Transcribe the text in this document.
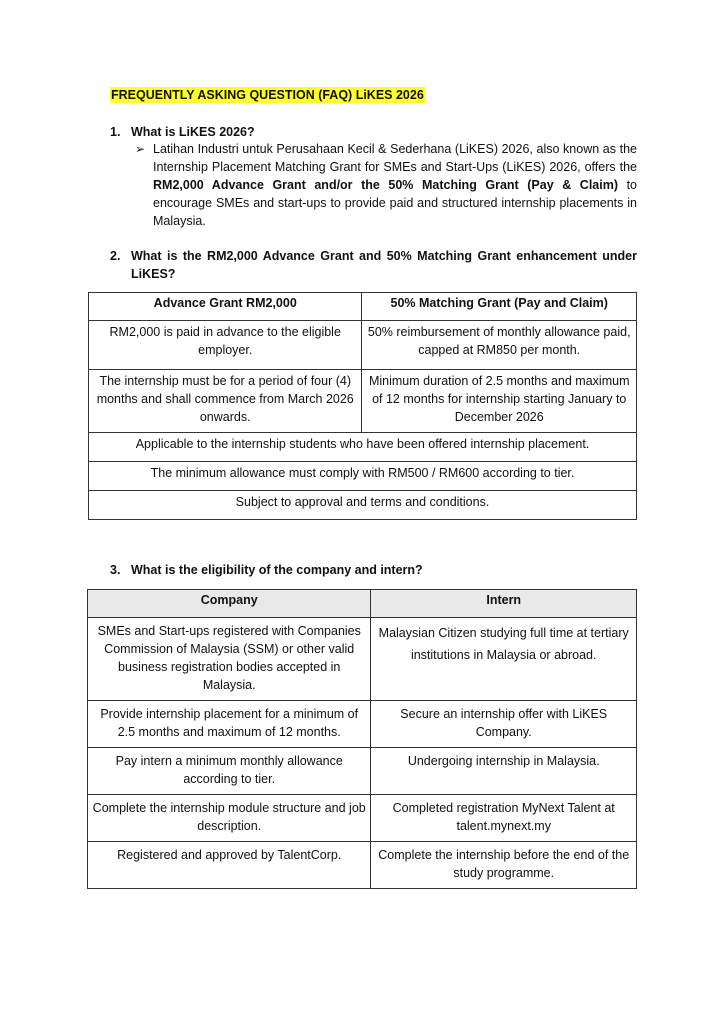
FREQUENTLY ASKING QUESTION (FAQ) LiKES 2026
1. What is LiKES 2026?
➢ Latihan Industri untuk Perusahaan Kecil & Sederhana (LiKES) 2026, also known as the Internship Placement Matching Grant for SMEs and Start-Ups (LiKES) 2026, offers the RM2,000 Advance Grant and/or the 50% Matching Grant (Pay & Claim) to encourage SMEs and start-ups to provide paid and structured internship placements in Malaysia.
2. What is the RM2,000 Advance Grant and 50% Matching Grant enhancement under LiKES?
Advance Grant RM2,000	50% Matching Grant (Pay and Claim)
RM2,000 is paid in advance to the eligible employer.	50% reimbursement of monthly allowance paid, capped at RM850 per month.
The internship must be for a period of four (4) months and shall commence from March 2026 onwards.	Minimum duration of 2.5 months and maximum of 12 months for internship starting January to December 2026
Applicable to the internship students who have been offered internship placement.	
The minimum allowance must comply with RM500 / RM600 according to tier.	
Subject to approval and terms and conditions.	
3. What is the eligibility of the company and intern?
Company	Intern
SMEs and Start-ups registered with Companies Commission of Malaysia (SSM) or other valid business registration bodies accepted in Malaysia.	Malaysian Citizen studying full time at tertiary institutions in Malaysia or abroad.
Provide internship placement for a minimum of 2.5 months and maximum of 12 months.	Secure an internship offer with LiKES Company.
Pay intern a minimum monthly allowance according to tier.	Undergoing internship in Malaysia.
Complete the internship module structure and job description.	Completed registration MyNext Talent at talent.mynext.my
Registered and approved by TalentCorp.	Complete the internship before the end of the study programme.
